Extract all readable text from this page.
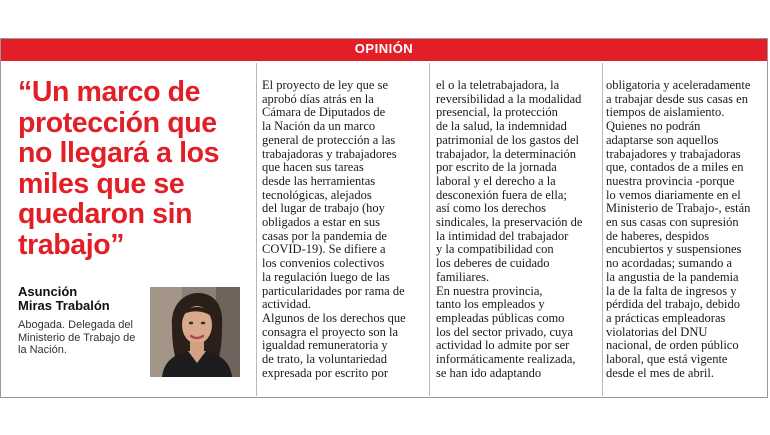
OPINIÓN
“Un marco de protección que no llegará a los miles que se quedaron sin trabajo”
Asunción
Miras Trabalón
Abogada. Delegada del Ministerio de Trabajo de la Nación.

El proyecto de ley que se
aprobó días atrás en la
Cámara de Diputados de
la Nación da un marco
general de protección a las
trabajadoras y trabajadores
que hacen sus tareas
desde las herramientas
tecnológicas, alejados
del lugar de trabajo (hoy
obligados a estar en sus
casas por la pandemia de
COVID-19). Se difiere a
los convenios colectivos
la regulación luego de las
particularidades por rama de
actividad.
Algunos de los derechos que
consagra el proyecto son la
igualdad remuneratoria y
de trato, la voluntariedad
expresada por escrito por

el o la teletrabajadora, la
reversibilidad a la modalidad
presencial, la protección
de la salud, la indemnidad
patrimonial de los gastos del
trabajador, la determinación
por escrito de la jornada
laboral y el derecho a la
desconexión fuera de ella;
así como los derechos
sindicales, la preservación de
la intimidad del trabajador
y la compatibilidad con
los deberes de cuidado
familiares.
En nuestra provincia,
tanto los empleados y
empleadas públicas como
los del sector privado, cuya
actividad lo admite por ser
informáticamente realizada,
se han ido adaptando

obligatoria y aceleradamente
a trabajar desde sus casas en
tiempos de aislamiento.
Quienes no podrán
adaptarse son aquellos
trabajadores y trabajadoras
que, contados de a miles en
nuestra provincia -porque
lo vemos diariamente en el
Ministerio de Trabajo-, están
en sus casas con supresión
de haberes, despidos
encubiertos y suspensiones
no acordadas; sumando a
la angustia de la pandemia
la de la falta de ingresos y
pérdida del trabajo, debido
a prácticas empleadoras
violatorias del DNU
nacional, de orden público
laboral, que está vigente
desde el mes de abril.
